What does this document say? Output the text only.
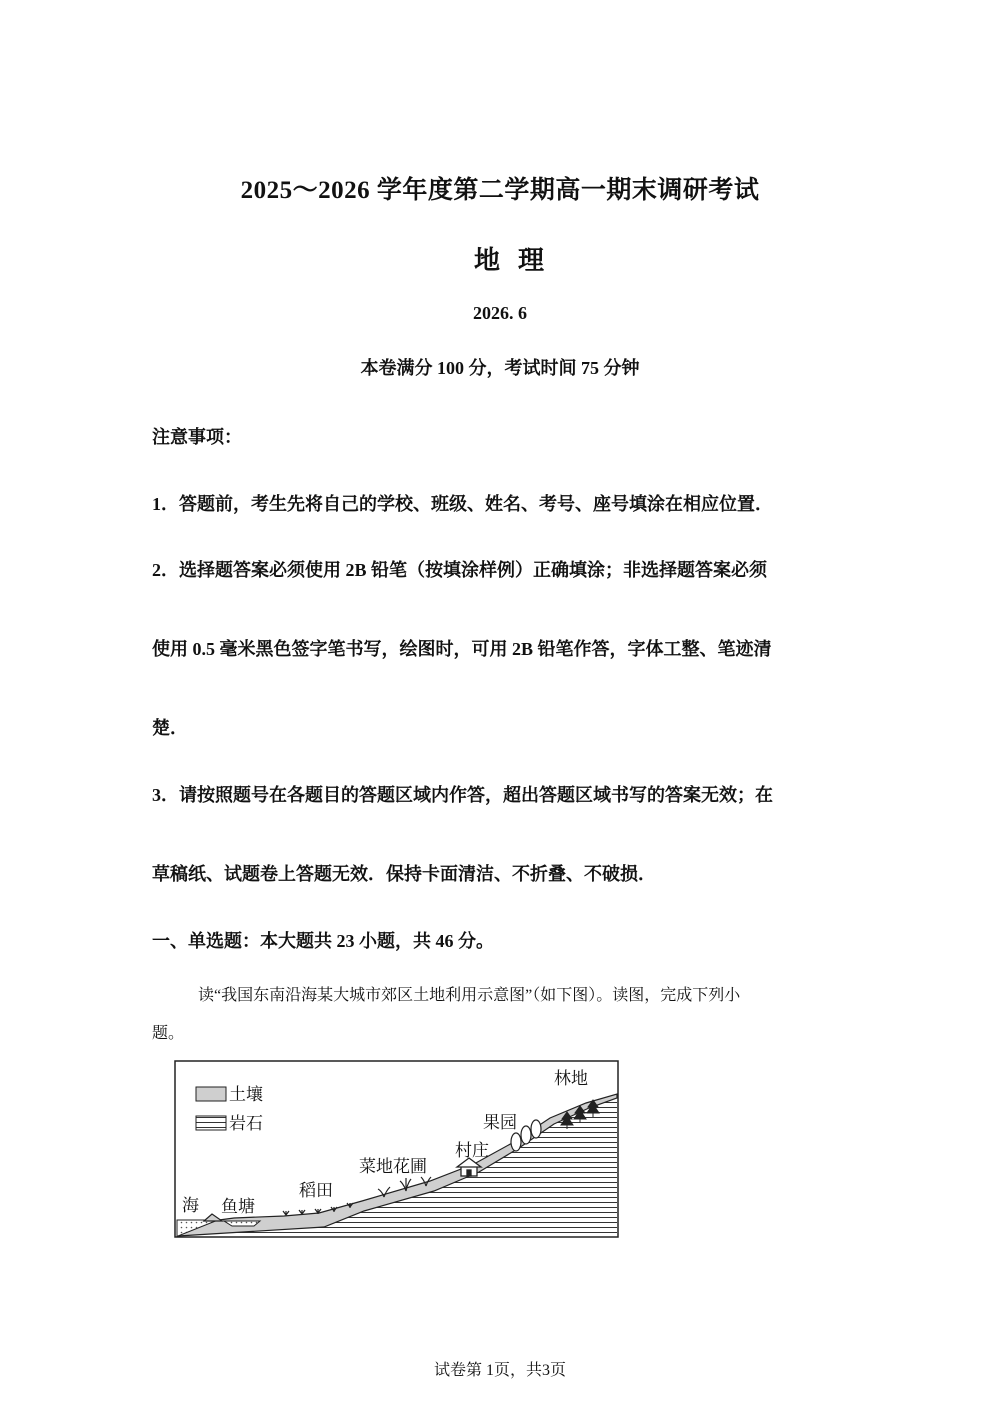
2025～2026 学年度第二学期高一期末调研考试
地理
2026. 6
本卷满分 100 分，考试时间 75 分钟
注意事项：
1．答题前，考生先将自己的学校、班级、姓名、考号、座号填涂在相应位置．
2．选择题答案必须使用 2B 铅笔（按填涂样例）正确填涂；非选择题答案必须
使用 0.5 毫米黑色签字笔书写，绘图时，可用 2B 铅笔作答，字体工整、笔迹清
楚．
3．请按照题号在各题目的答题区域内作答，超出答题区域书写的答案无效；在
草稿纸、试题卷上答题无效．保持卡面清洁、不折叠、不破损．
一、单选题：本大题共 23 小题，共 46 分。
读“我国东南沿海某大城市郊区土地利用示意图”（如下图）。读图，完成下列小
题。
土壤
岩石
海 鱼塘
稻田
菜地花圃
村庄
果园
林地
试卷第 1页，共3页
